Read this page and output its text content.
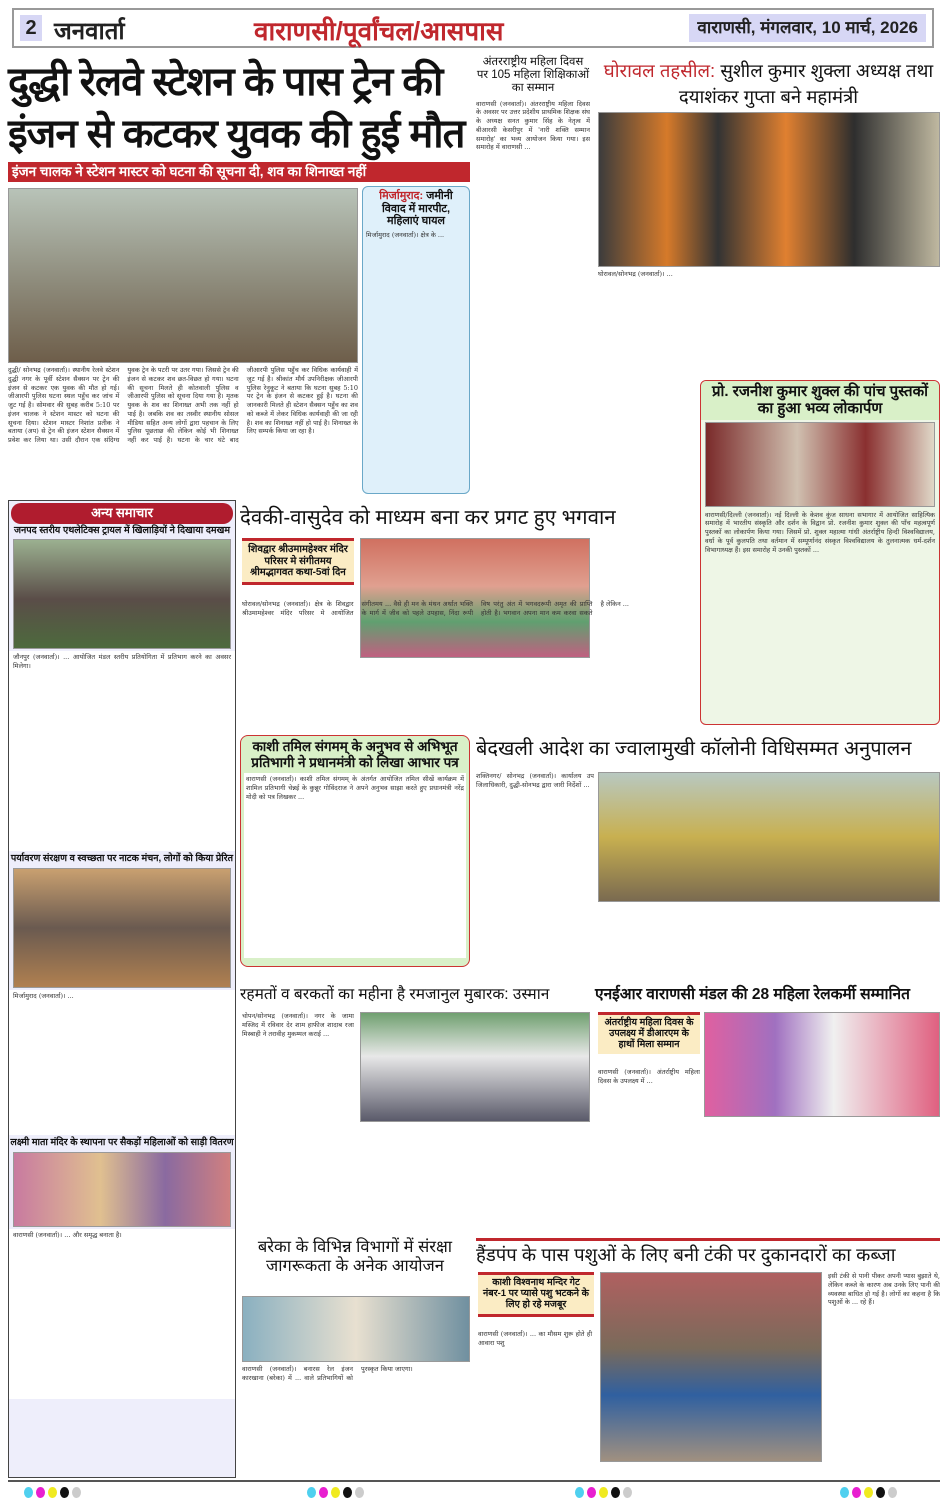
2 जनवार्ता	वाराणसी/पूर्वांचल/आसपास	वाराणसी, मंगलवार, 10 मार्च, 2026
दुद्धी रेलवे स्टेशन के पास ट्रेन की
इंजन से कटकर युवक की हुई मौत
इंजन चालक ने स्टेशन मास्टर को घटना की सूचना दी, शव का शिनाख्त नहीं
दुद्धी/ सोनभद्र (जनवार्ता)। स्थानीय रेलवे स्टेशन दुद्धी नगर के पूर्वी स्टेशन सैक्सन पर ट्रेन की इंजन से कटकर एक युवक की मौत हो गई। जीआरपी पुलिस घटना स्थल पहुँच कर जांच में जुट गई है। सोमवार की सुबह करीब 5:10 पर इंजन चालक ने स्टेशन मास्टर को घटना की सूचना दिया। स्टेशन मास्टर निशांत प्रतीक ने बताया (अप) से ट्रेन की इंजन स्टेशन सैक्सन में प्रवेश कर लिया था। उसी दौरान एक संदिग्ध युवक ट्रेन के पटरी पर उतर गया। जिससे ट्रेन की इंजन से कटकर शव छत-विछत हो गया। घटना की सूचना मिलते ही कोतवाली पुलिस व जीआरपी पुलिस को सूचना दिया गया है। मृतक युवक के शव का शिनाख्त अभी तक नहीं हो पाई है। जबकि शव का तस्वीर स्थानीय सोसल मीडिया सहित अन्य लोगों द्वारा पहचान के लिए पुलिस पूछताछ की लेकिन कोई भी शिनाख्त नहीं कर पाई है। घटना के चार घंटे बाद जीआरपी पुलिस पहुँच कर विधिक कार्यवाही में जुट गई है। श्रीकांत मौर्य उपनिरीक्षक जीआरपी पुलिस रेनुकूट ने बताया कि घटना सुबह 5:10 पर ट्रेन के इंजन से कटकर हुई है। घटना की जानकारी मिलते ही स्टेशन सैक्सन पहुँच का शव को कब्जे में लेकर विधिक कार्यवाही की जा रही है। शव का शिनाख्त नहीं हो पाई है। शिनाख्त के लिए सम्पर्क किया जा रहा है।
मिर्जामुराद: जमीनी विवाद में मारपीट, महिलाएं घायल
मिर्जामुराद (जनवार्ता)। क्षेत्र के ...
अंतरराष्ट्रीय महिला दिवस पर 105 महिला शिक्षिकाओं का सम्मान
वाराणसी (जनवार्ता)। अंतरराष्ट्रीय महिला दिवस के अवसर पर उत्तर प्रदेशीय प्राथमिक शिक्षक संघ के अध्यक्ष सनत कुमार सिंह के नेतृत्व में बीआरसी केसरीपुर में 'नारी शक्ति सम्मान समारोह' का भव्य आयोजन किया गया। इस समारोह में वाराणसी ...
घोरावल तहसील: सुशील कुमार शुक्ला अध्यक्ष तथा दयाशंकर गुप्ता बने महामंत्री
घोरावल/सोनभद्र (जनवार्ता)। ...
प्रो. रजनीश कुमार शुक्ल की पांच पुस्तकों का हुआ भव्य लोकार्पण
वाराणसी/दिल्ली (जनवार्ता)। नई दिल्ली के केशव कुंज साधना सभागार में आयोजित साहित्यिक समारोह में भारतीय संस्कृति और दर्शन के विद्वान प्रो. रजनीश कुमार शुक्ल की पाँच महत्वपूर्ण पुस्तकों का लोकार्पण किया गया। जिसमें प्रो. शुक्ल महात्मा गांधी अंतर्राष्ट्रीय हिन्दी विश्वविद्यालय, वर्धा के पूर्व कुलपति तथा वर्तमान में सम्पूर्णानंद संस्कृत विश्वविद्यालय के तुलनात्मक धर्म-दर्शन विभागाध्यक्ष हैं। इस समारोह में उनकी पुस्तकों ...
अन्य समाचार
जनपद स्तरीय एथलेटिक्स ट्रायल में खिलाड़ियों ने दिखाया दमखम
जौनपुर (जनवार्ता)। ... आयोजित मंडल स्तरीय प्रतियोगिता में प्रतिभाग करने का अवसर मिलेगा।
पर्यावरण संरक्षण व स्वच्छता पर नाटक मंचन, लोगों को किया प्रेरित
मिर्जामुराद (जनवार्ता)। ...
लक्ष्मी माता मंदिर के स्थापना पर सैकड़ों महिलाओं को साड़ी वितरण
वाराणसी (जनवार्ता)। ... और समृद्ध बनाता है।
देवकी-वासुदेव को माध्यम बना कर प्रगट हुए भगवान
शिवद्वार श्रीउमामहेश्वर मंदिर परिसर मे संगीतमय श्रीमद्भागवत कथा-5वां दिन
घोरावल/सोनभद्र (जनवार्ता)। क्षेत्र के शिवद्वार श्रीउमामहेश्वर मंदिर परिसर मे आयोजित संगीतमय ... वैसे ही मन के मंथन अर्थात भक्ति के मार्ग में जीव को पहले उपहास, निंदा रूपी विष परंतु अंत में भगवदरूपी अमृत की प्राप्ति होती है। भगवान अपना मान कम करवा सकते है लेकिन ...
काशी तमिल संगमम् के अनुभव से अभिभूत प्रतिभागी ने प्रधानमंत्री को लिखा आभार पत्र
वाराणसी (जनवार्ता)। काशी तमिल संगमम् के अंतर्गत आयोजित तमिल सीखें कार्यक्रम में शामिल प्रतिभागी चेन्नई के कुन्नूर गोविंदराज ने अपने अनुभव साझा करते हुए प्रधानमंत्री नरेंद्र मोदी को पत्र लिखकर ...
बेदखली आदेश का ज्वालामुखी कॉलोनी विधिसम्मत अनुपालन
शक्तिनगर/ सोनभद्र (जनवार्ता)। कार्यालय उप जिलाधिकारी, दुद्धी-सोनभद्र द्वारा जारी निर्देशों ...
रहमतों व बरकतों का महीना है रमजानुल मुबारक: उस्मान
चोपन/सोनभद्र (जनवार्ता)। नगर के जामा मस्जिद में रविवार देर शाम हाफीज शादाब रजा मिस्बाही ने तरावीह मुकम्मल कराई ...
एनईआर वाराणसी मंडल की 28 महिला रेलकर्मी सम्मानित
अंतर्राष्ट्रीय महिला दिवस के उपलक्ष्य में डीआरएम के हाथों मिला सम्मान
वाराणसी (जनवार्ता)। अंतर्राष्ट्रीय महिला दिवस के उपलक्ष्य में ...
बरेका के विभिन्न विभागों में संरक्षा जागरूकता के अनेक आयोजन
वाराणसी (जनवार्ता)। बनारस रेल इंजन कारखाना (बरेका) में ... वाले प्रतिभागियों को पुरस्कृत किया जाएगा।
हैंडपंप के पास पशुओं के लिए बनी टंकी पर दुकानदारों का कब्जा
काशी विश्वनाथ मन्दिर गेट नंबर-1 पर प्यासे पशु भटकने के लिए हो रहे मजबूर
वाराणसी (जनवार्ता)। ... का मौसम शुरू होते ही आवारा पशु
इसी टंकी से पानी पीकर अपनी प्यास बुझाते थे, लेकिन कब्जे के कारण अब उनके लिए पानी की व्यवस्था बाधित हो गई है। लोगों का कहना है कि पशुओं के ... रहे हैं।
